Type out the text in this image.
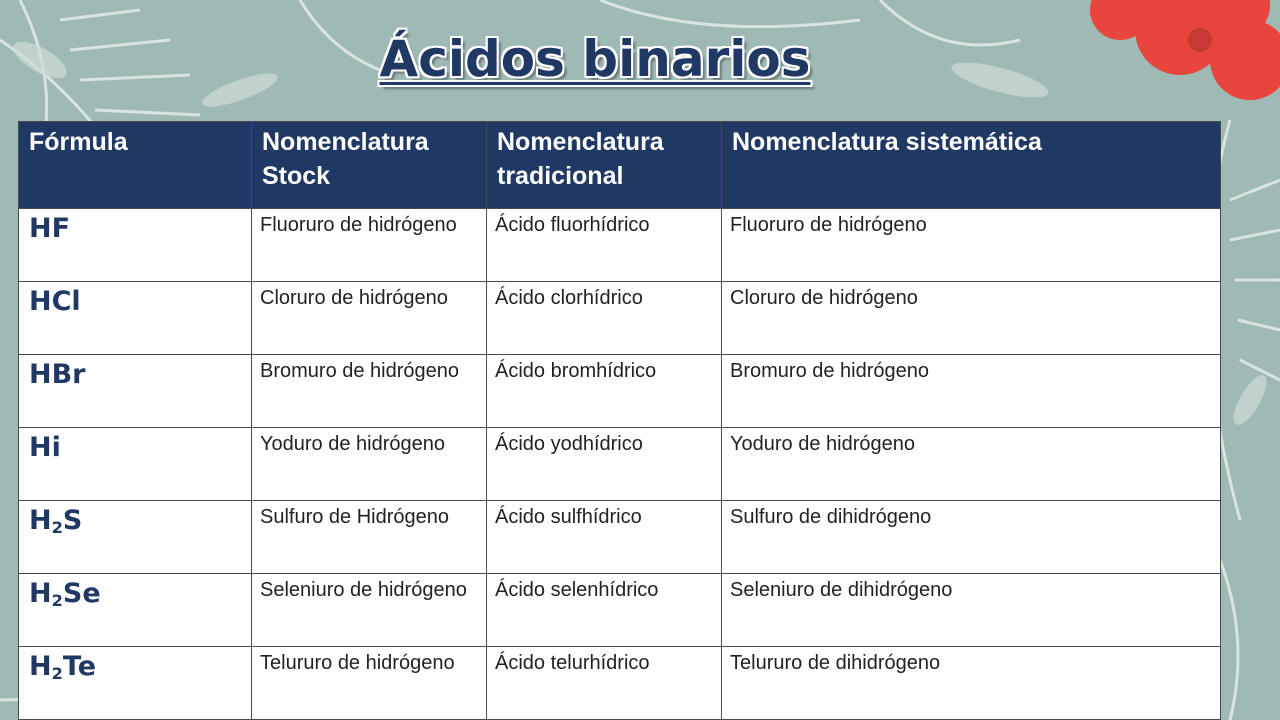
Ácidos binarios
Fórmula	Nomenclatura Stock	Nomenclatura tradicional	Nomenclatura sistemática
HF	Fluoruro de hidrógeno	Ácido fluorhídrico	Fluoruro de hidrógeno
HCl	Cloruro de hidrógeno	Ácido clorhídrico	Cloruro de hidrógeno
HBr	Bromuro de hidrógeno	Ácido bromhídrico	Bromuro de hidrógeno
Hi	Yoduro de hidrógeno	Ácido yodhídrico	Yoduro de hidrógeno
$H_2S$	Sulfuro de Hidrógeno	Ácido sulfhídrico	Sulfuro de dihidrógeno
$H_2Se$	Seleniuro de hidrógeno	Ácido selenhídrico	Seleniuro de dihidrógeno
$H_2Te$	Telururo de hidrógeno	Ácido telurhídrico	Telururo de dihidrógeno
